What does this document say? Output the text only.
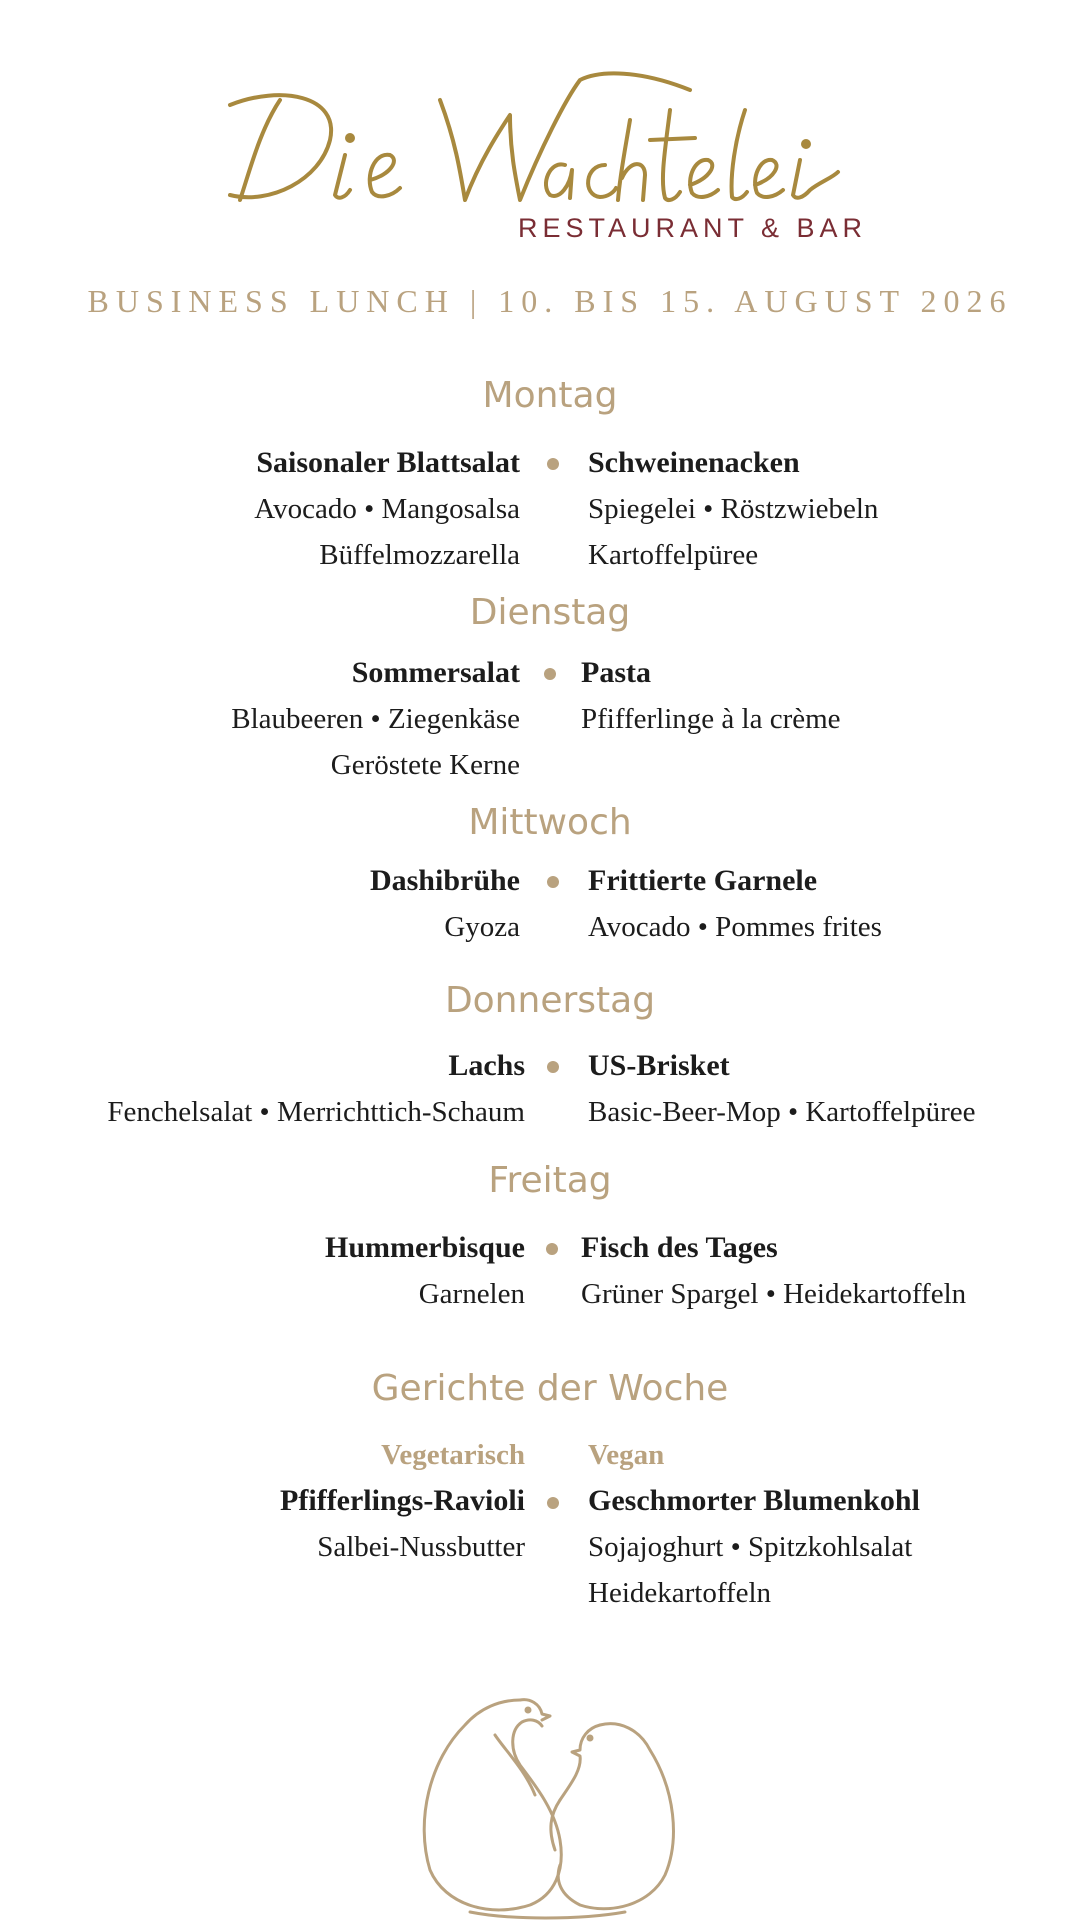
RESTAURANT & BAR
BUSINESS LUNCH | 10. BIS 15. AUGUST 2026
Montag
Saisonaler Blattsalat
Avocado • Mangosalsa
Büffelmozzarella
Schweinenacken
Spiegelei • Röstzwiebeln
Kartoffelpüree
Dienstag
Sommersalat
Blaubeeren • Ziegenkäse
Geröstete Kerne
Pasta
Pfifferlinge à la crème
Mittwoch
Dashibrühe
Gyoza
Frittierte Garnele
Avocado • Pommes frites
Donnerstag
Lachs
Fenchelsalat • Merrichttich-Schaum
US-Brisket
Basic-Beer-Mop • Kartoffelpüree
Freitag
Hummerbisque
Garnelen
Fisch des Tages
Grüner Spargel • Heidekartoffeln
Gerichte der Woche
Vegetarisch
Pfifferlings-Ravioli
Salbei-Nussbutter
Vegan
Geschmorter Blumenkohl
Sojajoghurt • Spitzkohlsalat
Heidekartoffeln
